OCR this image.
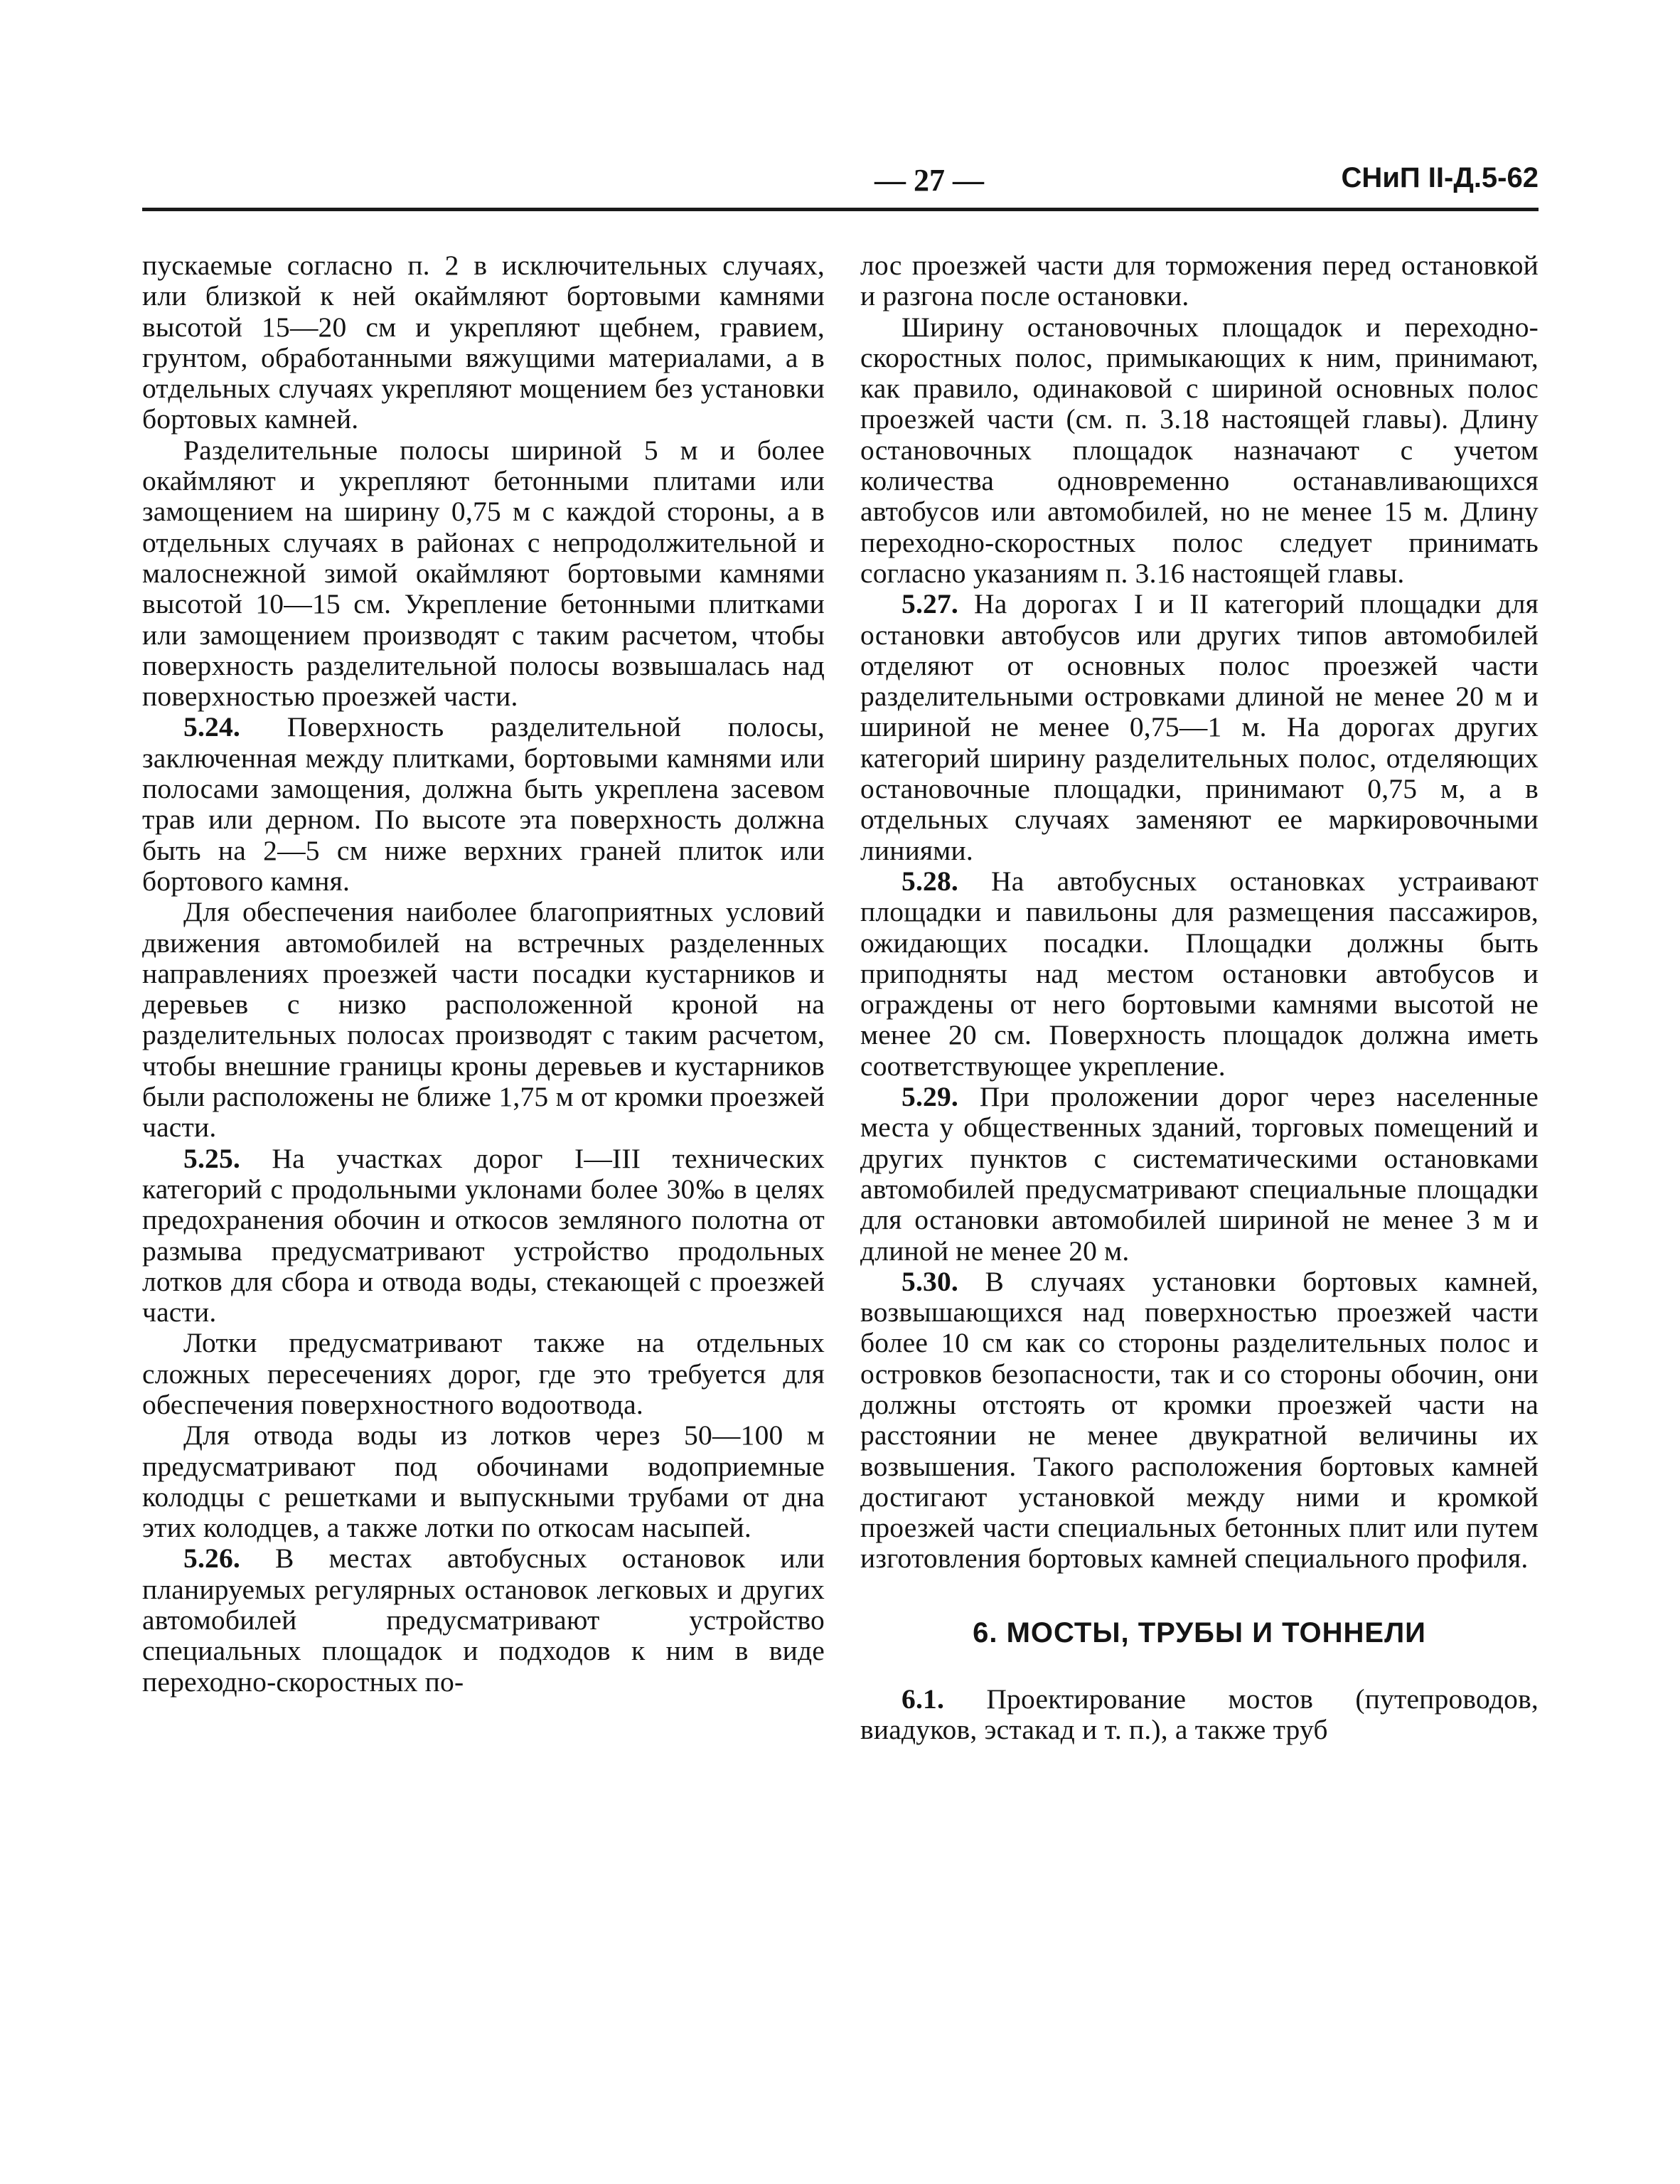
— 27 —	СНиП II-Д.5-62

пускаемые согласно п. 2 в исключительных случаях, или близкой к ней окаймляют бортовыми камнями высотой 15—20 см и укрепляют щебнем, гравием, грунтом, обработанными вяжущими материалами, а в отдельных случаях укрепляют мощением без установки бортовых камней.

Разделительные полосы шириной 5 м и более окаймляют и укрепляют бетонными плитами или замощением на ширину 0,75 м с каждой стороны, а в отдельных случаях в районах с непродолжительной и малоснежной зимой окаймляют бортовыми камнями высотой 10—15 см. Укрепление бетонными плитками или замощением производят с таким расчетом, чтобы поверхность разделительной полосы возвышалась над поверхностью проезжей части.

5.24. Поверхность разделительной полосы, заключенная между плитками, бортовыми камнями или полосами замощения, должна быть укреплена засевом трав или дерном. По высоте эта поверхность должна быть на 2—5 см ниже верхних граней плиток или бортового камня.

Для обеспечения наиболее благоприятных условий движения автомобилей на встречных разделенных направлениях проезжей части посадки кустарников и деревьев с низко расположенной кроной на разделительных полосах производят с таким расчетом, чтобы внешние границы кроны деревьев и кустарников были расположены не ближе 1,75 м от кромки проезжей части.

5.25. На участках дорог I—III технических категорий с продольными уклонами более 30‰ в целях предохранения обочин и откосов земляного полотна от размыва предусматривают устройство продольных лотков для сбора и отвода воды, стекающей с проезжей части.

Лотки предусматривают также на отдельных сложных пересечениях дорог, где это требуется для обеспечения поверхностного водоотвода.

Для отвода воды из лотков через 50—100 м предусматривают под обочинами водоприемные колодцы с решетками и выпускными трубами от дна этих колодцев, а также лотки по откосам насыпей.

5.26. В местах автобусных остановок или планируемых регулярных остановок легковых и других автомобилей предусматривают устройство специальных площадок и подходов к ним в виде переходно-скоростных по-

лос проезжей части для торможения перед остановкой и разгона после остановки.

Ширину остановочных площадок и переходно-скоростных полос, примыкающих к ним, принимают, как правило, одинаковой с шириной основных полос проезжей части (см. п. 3.18 настоящей главы). Длину остановочных площадок назначают с учетом количества одновременно останавливающихся автобусов или автомобилей, но не менее 15 м. Длину переходно-скоростных полос следует принимать согласно указаниям п. 3.16 настоящей главы.

5.27. На дорогах I и II категорий площадки для остановки автобусов или других типов автомобилей отделяют от основных полос проезжей части разделительными островками длиной не менее 20 м и шириной не менее 0,75—1 м. На дорогах других категорий ширину разделительных полос, отделяющих остановочные площадки, принимают 0,75 м, а в отдельных случаях заменяют ее маркировочными линиями.

5.28. На автобусных остановках устраивают площадки и павильоны для размещения пассажиров, ожидающих посадки. Площадки должны быть приподняты над местом остановки автобусов и ограждены от него бортовыми камнями высотой не менее 20 см. Поверхность площадок должна иметь соответствующее укрепление.

5.29. При проложении дорог через населенные места у общественных зданий, торговых помещений и других пунктов с систематическими остановками автомобилей предусматривают специальные площадки для остановки автомобилей шириной не менее 3 м и длиной не менее 20 м.

5.30. В случаях установки бортовых камней, возвышающихся над поверхностью проезжей части более 10 см как со стороны разделительных полос и островков безопасности, так и со стороны обочин, они должны отстоять от кромки проезжей части на расстоянии не менее двукратной величины их возвышения. Такого расположения бортовых камней достигают установкой между ними и кромкой проезжей части специальных бетонных плит или путем изготовления бортовых камней специального профиля.

6. МОСТЫ, ТРУБЫ И ТОННЕЛИ

6.1. Проектирование мостов (путепроводов, виадуков, эстакад и т. п.), а также труб
